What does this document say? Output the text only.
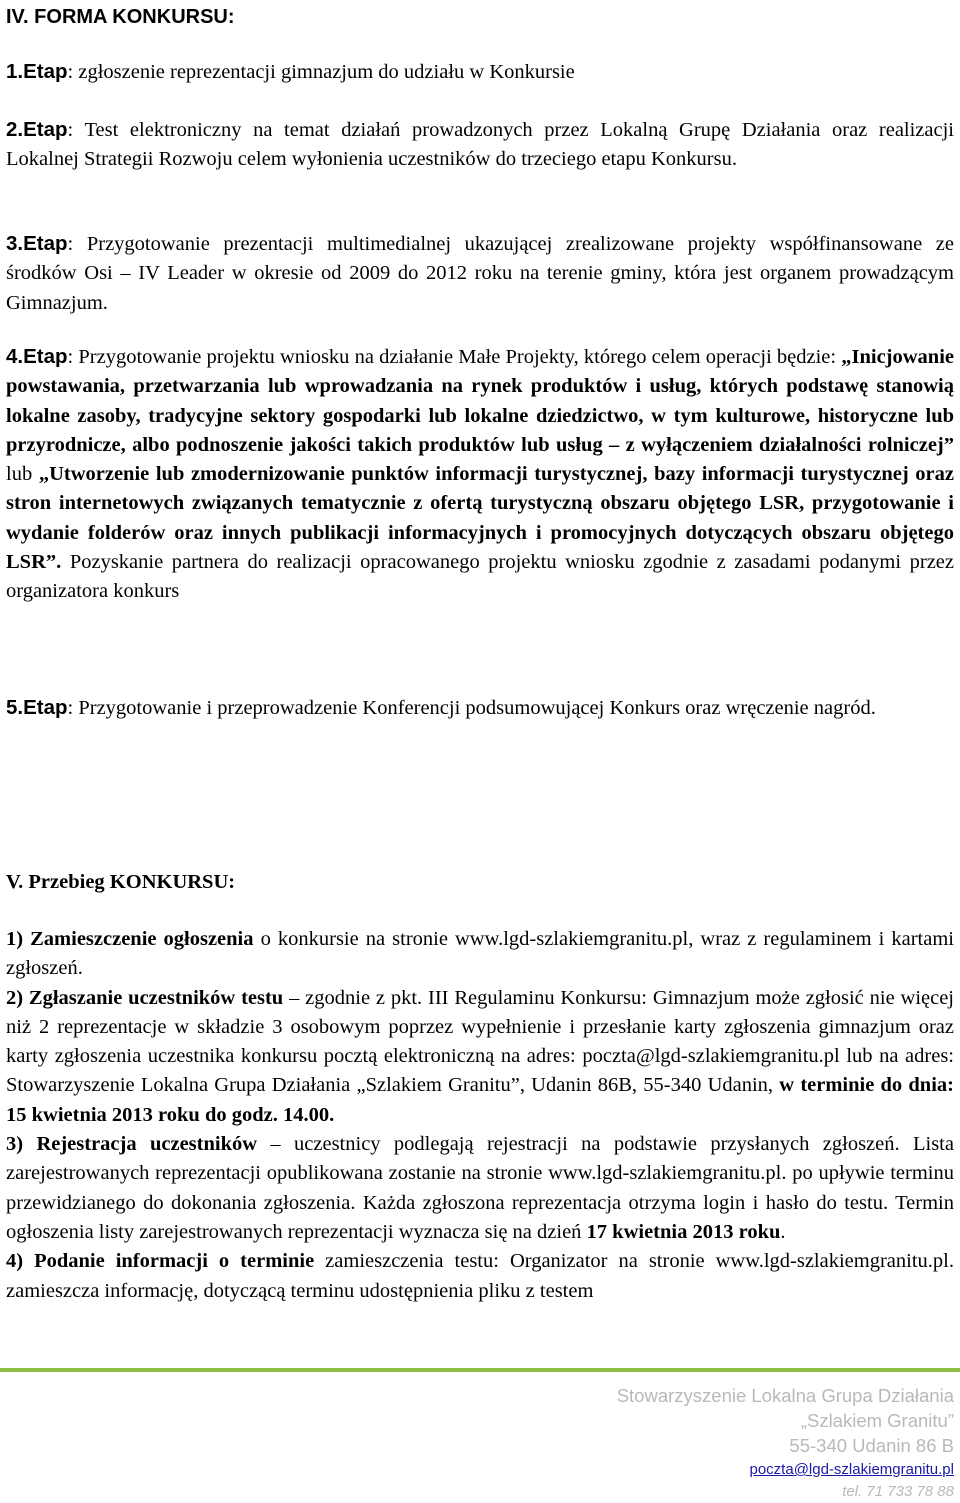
IV. FORMA KONKURSU:

1.Etap: zgłoszenie reprezentacji gimnazjum do udziału w Konkursie

2.Etap: Test elektroniczny na temat działań prowadzonych przez Lokalną Grupę Działania oraz realizacji Lokalnej Strategii Rozwoju celem wyłonienia uczestników do trzeciego etapu Konkursu.

3.Etap: Przygotowanie prezentacji multimedialnej ukazującej zrealizowane projekty współfinansowane ze środków Osi – IV Leader w okresie od 2009 do 2012 roku na terenie gminy, która jest organem prowadzącym Gimnazjum.

4.Etap: Przygotowanie projektu wniosku na działanie Małe Projekty, którego celem operacji będzie: „Inicjowanie powstawania, przetwarzania lub wprowadzania na rynek produktów i usług, których podstawę stanowią lokalne zasoby, tradycyjne sektory gospodarki lub lokalne dziedzictwo, w tym kulturowe, historyczne lub przyrodnicze, albo podnoszenie jakości takich produktów lub usług – z wyłączeniem działalności rolniczej” lub „Utworzenie lub zmodernizowanie punktów informacji turystycznej, bazy informacji turystycznej oraz stron internetowych związanych tematycznie z ofertą turystyczną obszaru objętego LSR, przygotowanie i wydanie folderów oraz innych publikacji informacyjnych i promocyjnych dotyczących obszaru objętego LSR”. Pozyskanie partnera do realizacji opracowanego projektu wniosku zgodnie z zasadami podanymi przez organizatora konkurs

5.Etap: Przygotowanie i przeprowadzenie Konferencji podsumowującej Konkurs oraz wręczenie nagród.

V. Przebieg KONKURSU:

1) Zamieszczenie ogłoszenia o konkursie na stronie www.lgd-szlakiemgranitu.pl, wraz z regulaminem i kartami zgłoszeń.

2) Zgłaszanie uczestników testu – zgodnie z pkt. III Regulaminu Konkursu: Gimnazjum może zgłosić nie więcej niż 2 reprezentacje w składzie 3 osobowym poprzez wypełnienie i przesłanie karty zgłoszenia gimnazjum oraz karty zgłoszenia uczestnika konkursu pocztą elektroniczną na adres: poczta@lgd-szlakiemgranitu.pl lub na adres: Stowarzyszenie Lokalna Grupa Działania „Szlakiem Granitu”, Udanin 86B, 55-340 Udanin, w terminie do dnia: 15 kwietnia 2013 roku do godz. 14.00.

3) Rejestracja uczestników – uczestnicy podlegają rejestracji na podstawie przysłanych zgłoszeń. Lista zarejestrowanych reprezentacji opublikowana zostanie na stronie www.lgd-szlakiemgranitu.pl. po upływie terminu przewidzianego do dokonania zgłoszenia. Każda zgłoszona reprezentacja otrzyma login i hasło do testu. Termin ogłoszenia listy zarejestrowanych reprezentacji wyznacza się na dzień 17 kwietnia 2013 roku.

4) Podanie informacji o terminie zamieszczenia testu: Organizator na stronie www.lgd-szlakiemgranitu.pl. zamieszcza informację, dotyczącą terminu udostępnienia pliku z testem

Stowarzyszenie Lokalna Grupa Działania
„Szlakiem Granitu”
55-340 Udanin 86 B
poczta@lgd-szlakiemgranitu.pl
tel. 71 733 78 88
